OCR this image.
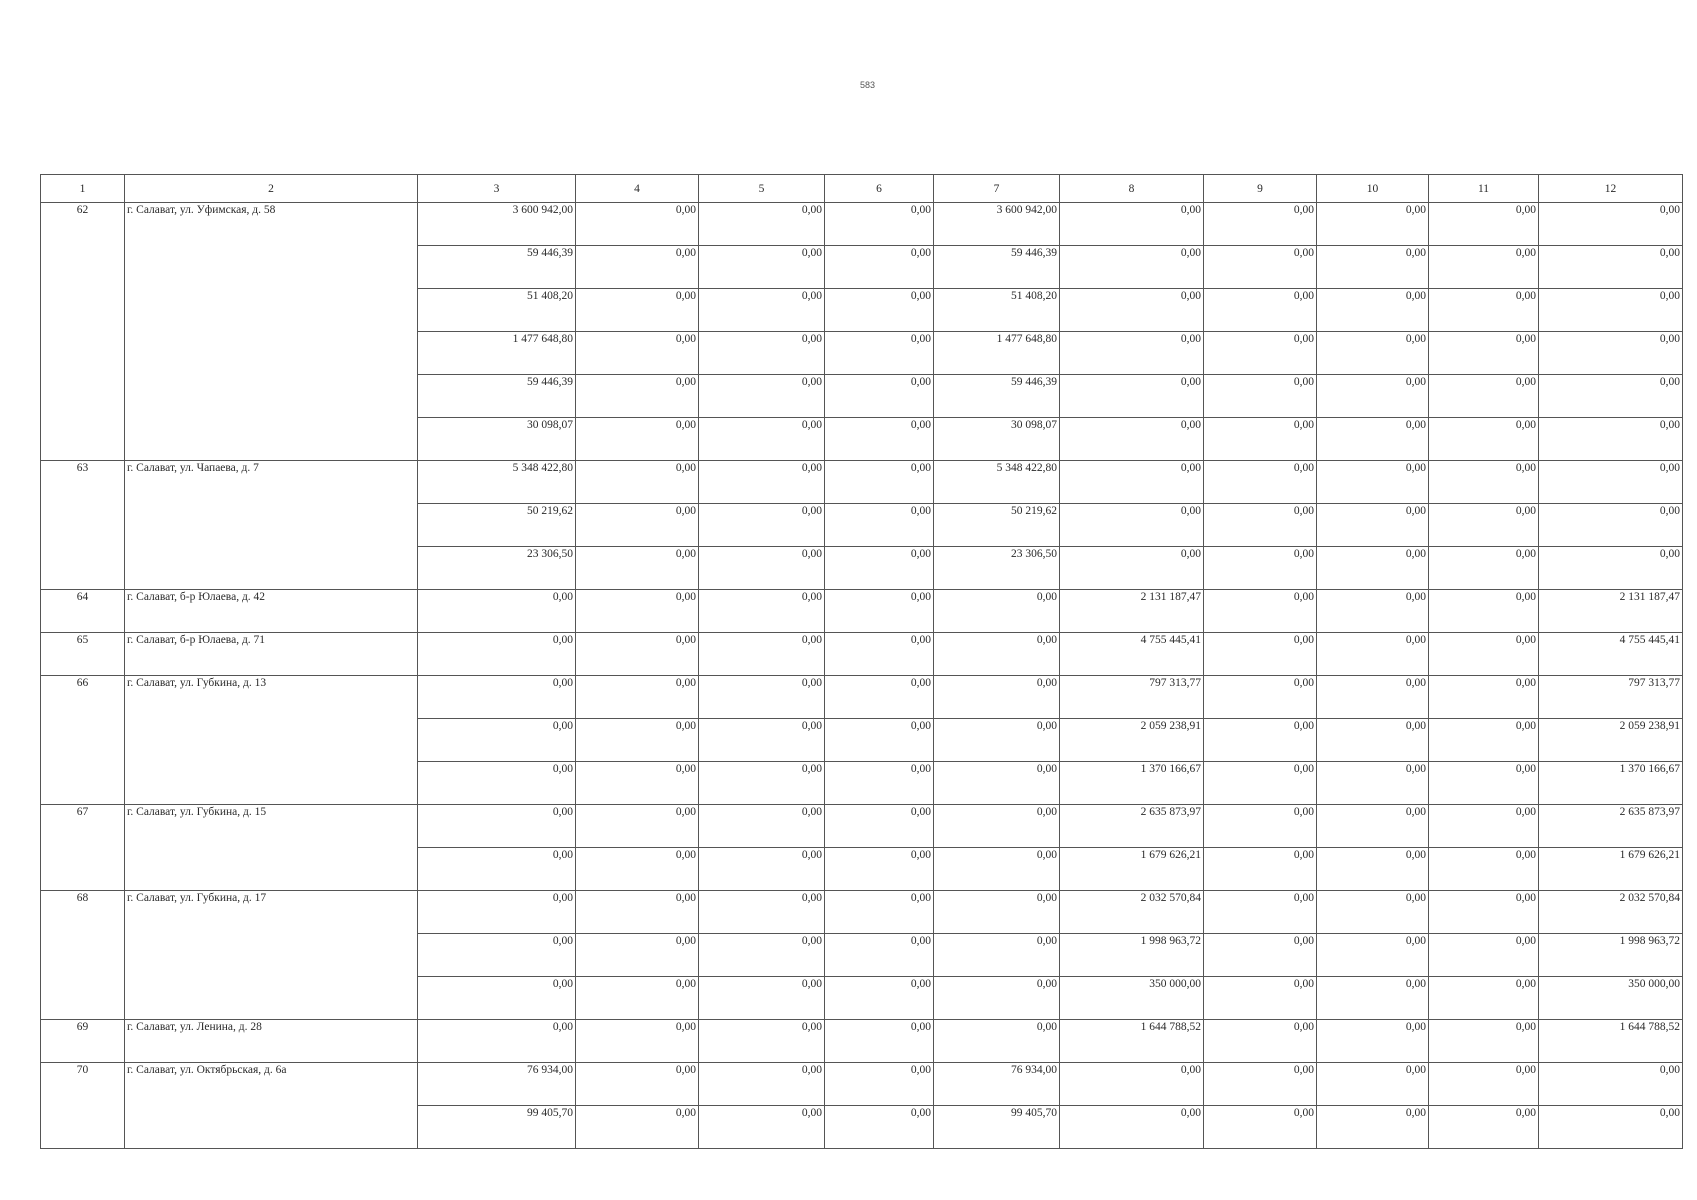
583
1	2	3	4	5	6	7	8	9	10	11	12
62	г. Салават, ул. Уфимская, д. 58	3 600 942,00	0,00	0,00	0,00	3 600 942,00	0,00	0,00	0,00	0,00	0,00
		59 446,39	0,00	0,00	0,00	59 446,39	0,00	0,00	0,00	0,00	0,00
		51 408,20	0,00	0,00	0,00	51 408,20	0,00	0,00	0,00	0,00	0,00
		1 477 648,80	0,00	0,00	0,00	1 477 648,80	0,00	0,00	0,00	0,00	0,00
		59 446,39	0,00	0,00	0,00	59 446,39	0,00	0,00	0,00	0,00	0,00
		30 098,07	0,00	0,00	0,00	30 098,07	0,00	0,00	0,00	0,00	0,00
63	г. Салават, ул. Чапаева, д. 7	5 348 422,80	0,00	0,00	0,00	5 348 422,80	0,00	0,00	0,00	0,00	0,00
		50 219,62	0,00	0,00	0,00	50 219,62	0,00	0,00	0,00	0,00	0,00
		23 306,50	0,00	0,00	0,00	23 306,50	0,00	0,00	0,00	0,00	0,00
64	г. Салават, б-р Юлаева, д. 42	0,00	0,00	0,00	0,00	0,00	2 131 187,47	0,00	0,00	0,00	2 131 187,47
65	г. Салават, б-р Юлаева, д. 71	0,00	0,00	0,00	0,00	0,00	4 755 445,41	0,00	0,00	0,00	4 755 445,41
66	г. Салават, ул. Губкина, д. 13	0,00	0,00	0,00	0,00	0,00	797 313,77	0,00	0,00	0,00	797 313,77
		0,00	0,00	0,00	0,00	0,00	2 059 238,91	0,00	0,00	0,00	2 059 238,91
		0,00	0,00	0,00	0,00	0,00	1 370 166,67	0,00	0,00	0,00	1 370 166,67
67	г. Салават, ул. Губкина, д. 15	0,00	0,00	0,00	0,00	0,00	2 635 873,97	0,00	0,00	0,00	2 635 873,97
		0,00	0,00	0,00	0,00	0,00	1 679 626,21	0,00	0,00	0,00	1 679 626,21
68	г. Салават, ул. Губкина, д. 17	0,00	0,00	0,00	0,00	0,00	2 032 570,84	0,00	0,00	0,00	2 032 570,84
		0,00	0,00	0,00	0,00	0,00	1 998 963,72	0,00	0,00	0,00	1 998 963,72
		0,00	0,00	0,00	0,00	0,00	350 000,00	0,00	0,00	0,00	350 000,00
69	г. Салават, ул. Ленина, д. 28	0,00	0,00	0,00	0,00	0,00	1 644 788,52	0,00	0,00	0,00	1 644 788,52
70	г. Салават, ул. Октябрьская, д. 6а	76 934,00	0,00	0,00	0,00	76 934,00	0,00	0,00	0,00	0,00	0,00
		99 405,70	0,00	0,00	0,00	99 405,70	0,00	0,00	0,00	0,00	0,00
